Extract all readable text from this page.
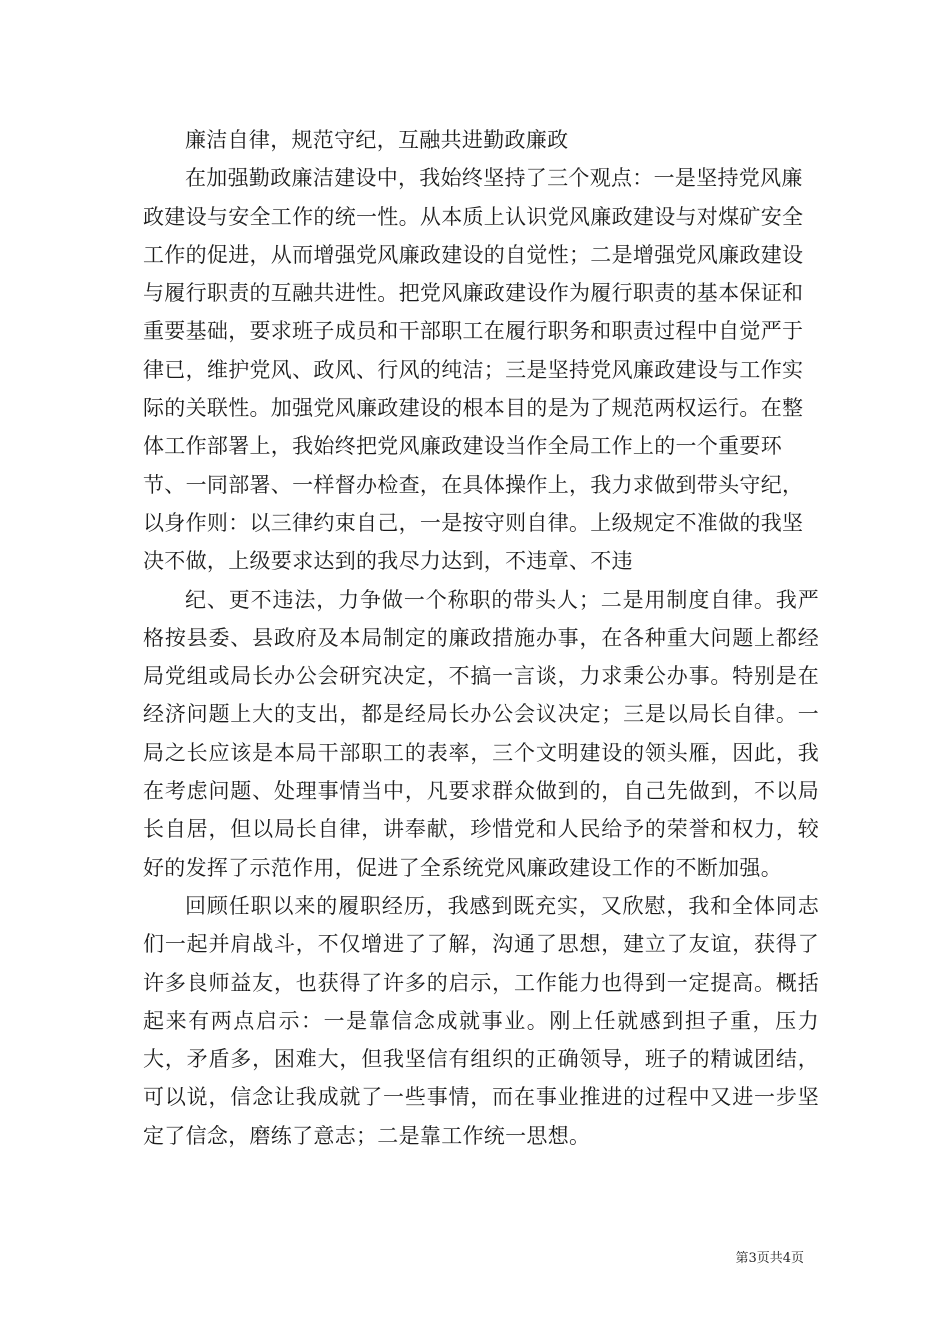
廉洁自律，规范守纪，互融共进勤政廉政

在加强勤政廉洁建设中，我始终坚持了三个观点：一是坚持党风廉政建设与安全工作的统一性。从本质上认识党风廉政建设与对煤矿安全工作的促进，从而增强党风廉政建设的自觉性；二是增强党风廉政建设与履行职责的互融共进性。把党风廉政建设作为履行职责的基本保证和重要基础，要求班子成员和干部职工在履行职务和职责过程中自觉严于律已，维护党风、政风、行风的纯洁；三是坚持党风廉政建设与工作实际的关联性。加强党风廉政建设的根本目的是为了规范两权运行。在整体工作部署上，我始终把党风廉政建设当作全局工作上的一个重要环节、一同部署、一样督办检查，在具体操作上，我力求做到带头守纪，以身作则：以三律约束自己，一是按守则自律。上级规定不准做的我坚决不做，上级要求达到的我尽力达到，不违章、不违

纪、更不违法，力争做一个称职的带头人；二是用制度自律。我严格按县委、县政府及本局制定的廉政措施办事，在各种重大问题上都经局党组或局长办公会研究决定，不搞一言谈，力求秉公办事。特别是在经济问题上大的支出，都是经局长办公会议决定；三是以局长自律。一局之长应该是本局干部职工的表率，三个文明建设的领头雁，因此，我在考虑问题、处理事情当中，凡要求群众做到的，自己先做到，不以局长自居，但以局长自律，讲奉献，珍惜党和人民给予的荣誉和权力，较好的发挥了示范作用，促进了全系统党风廉政建设工作的不断加强。

回顾任职以来的履职经历，我感到既充实，又欣慰，我和全体同志们一起并肩战斗，不仅增进了了解，沟通了思想，建立了友谊，获得了许多良师益友，也获得了许多的启示，工作能力也得到一定提高。概括起来有两点启示：一是靠信念成就事业。刚上任就感到担子重，压力大，矛盾多，困难大，但我坚信有组织的正确领导，班子的精诚团结，可以说，信念让我成就了一些事情，而在事业推进的过程中又进一步坚定了信念，磨练了意志；二是靠工作统一思想。

第3页共4页
